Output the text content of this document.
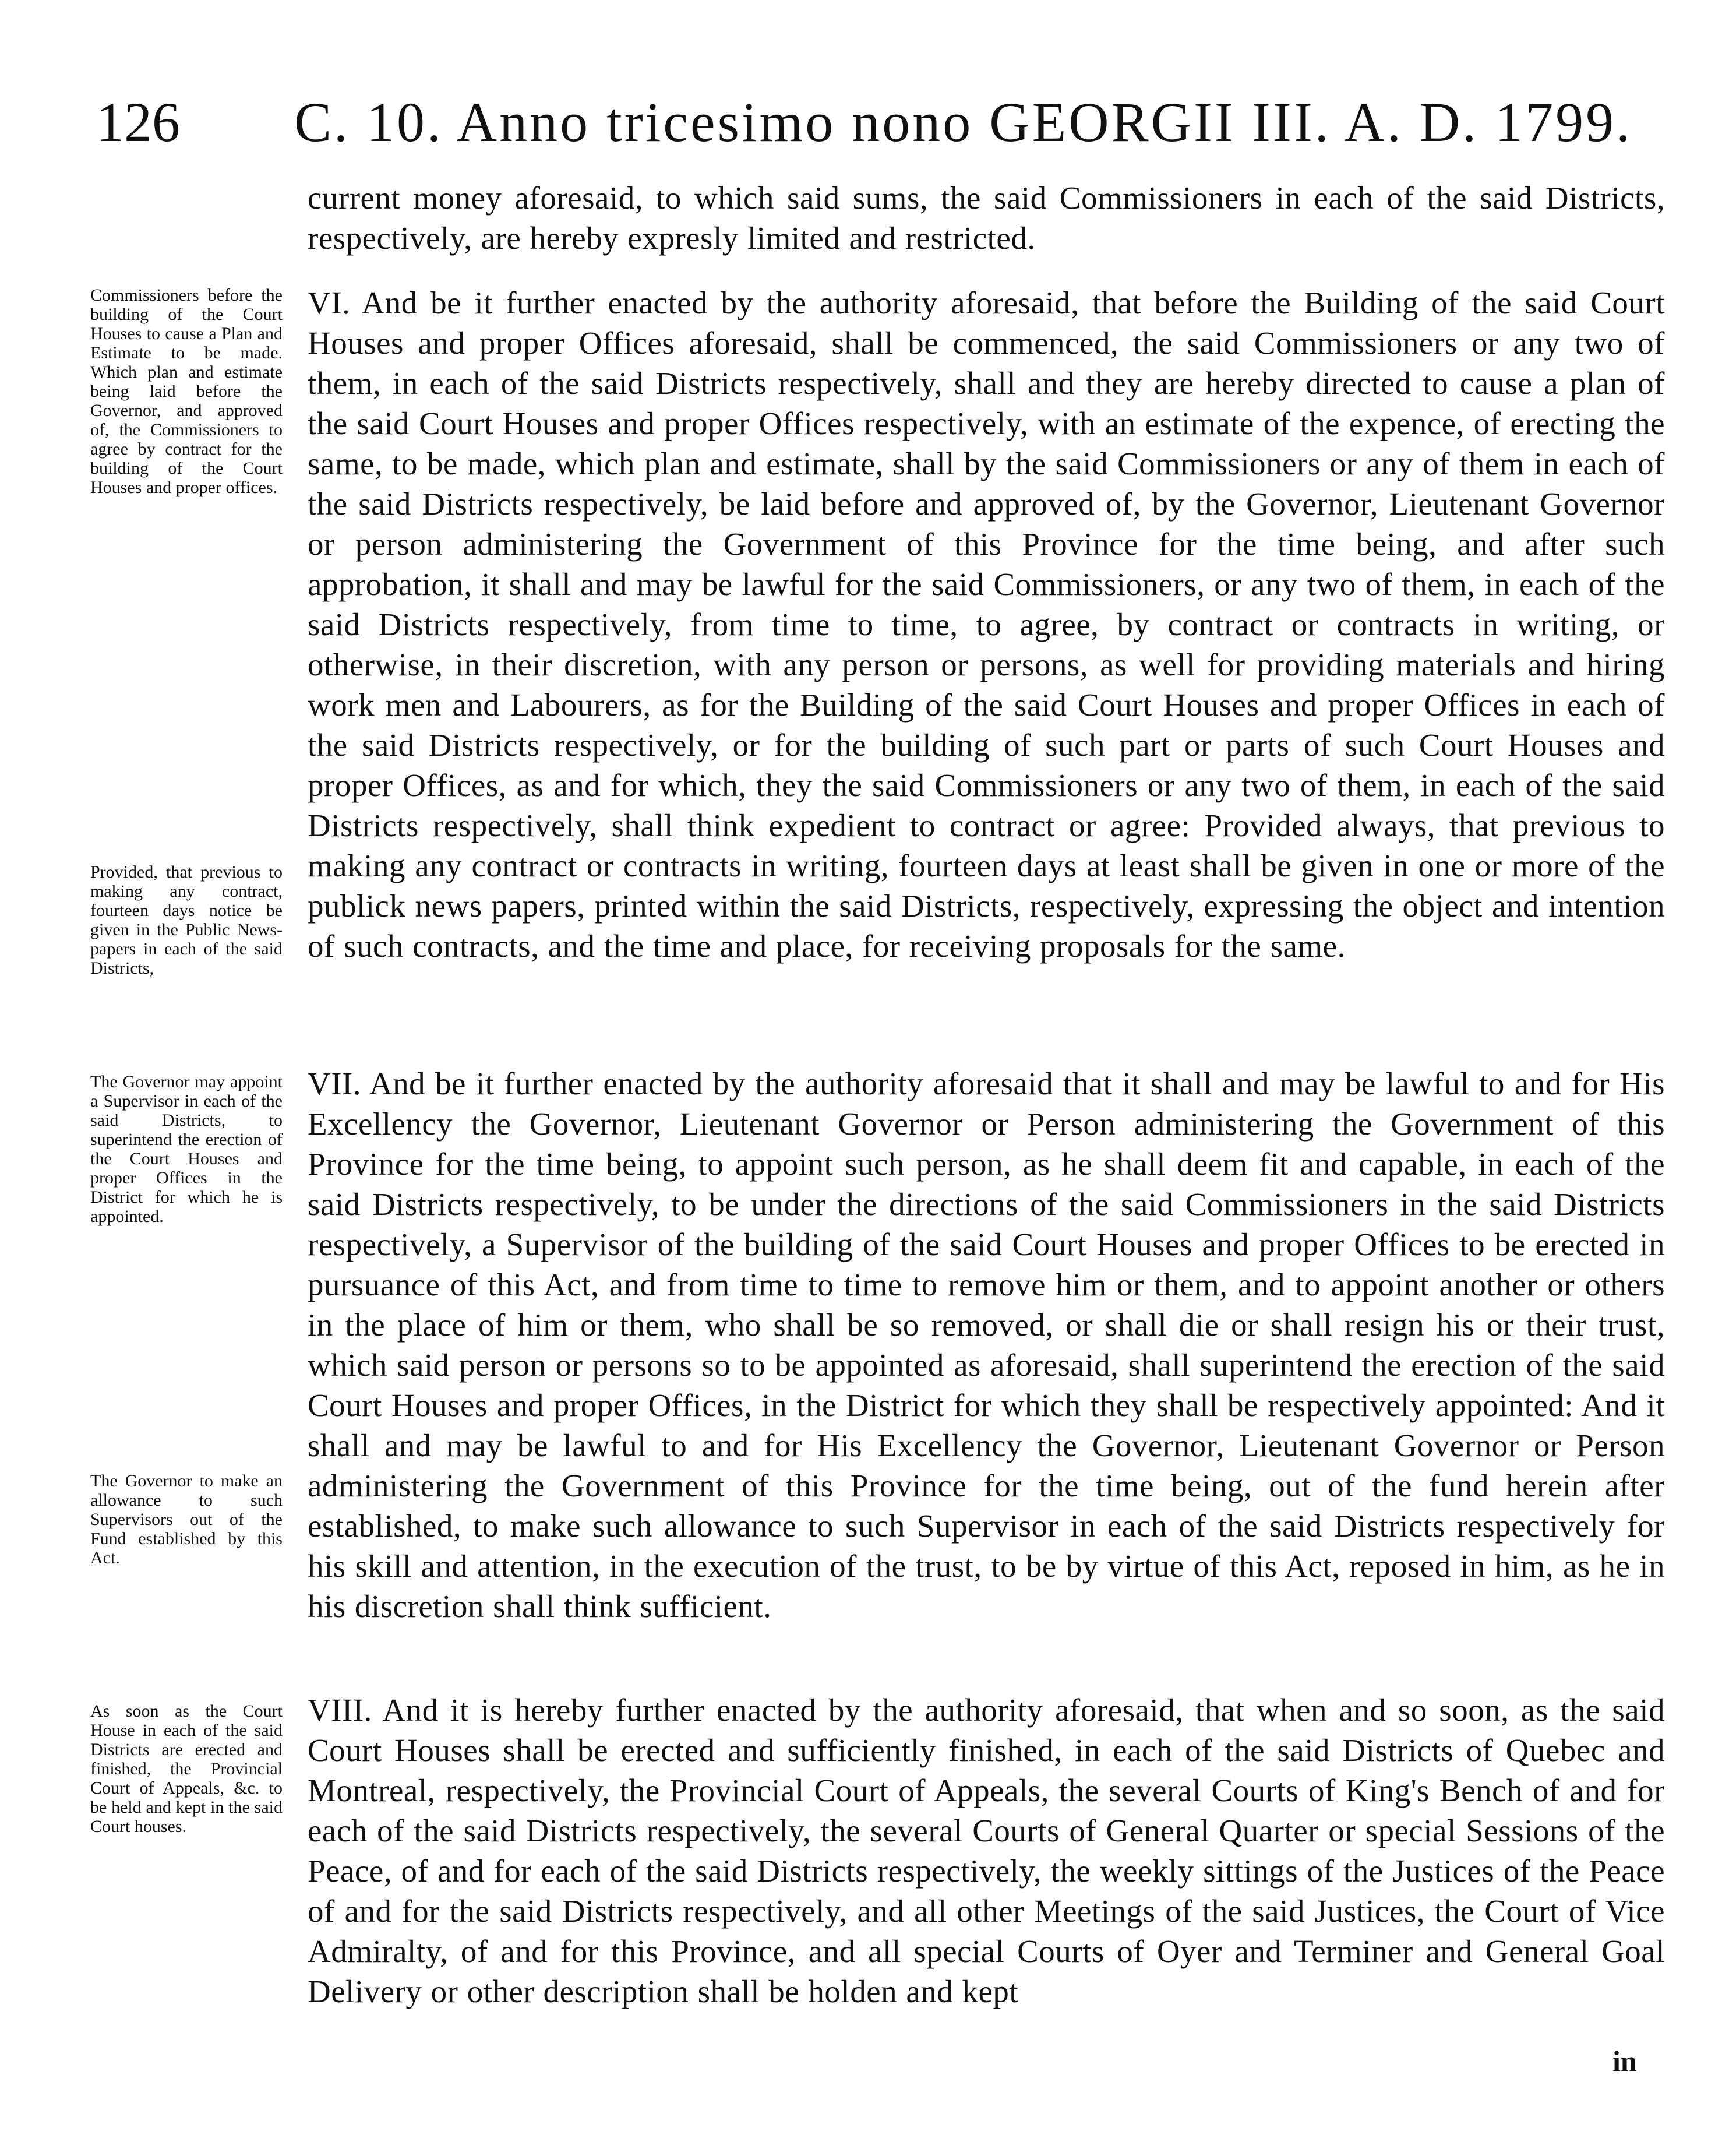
126 C. 10. Anno tricesimo nono GEORGII III. A. D. 1799.

current money aforesaid, to which said sums, the said Commissioners in each of the said Districts, respectively, are hereby expresly limited and restricted.

VI. And be it further enacted by the authority aforesaid, that before the Building of the said Court Houses and proper Offices aforesaid, shall be commenced, the said Commissioners or any two of them, in each of the said Districts respectively, shall and they are hereby directed to cause a plan of the said Court Houses and proper Offices respectively, with an estimate of the expence, of erecting the same, to be made, which plan and estimate, shall by the said Commissioners or any of them in each of the said Districts respectively, be laid before and approved of, by the Governor, Lieutenant Governor or person administering the Government of this Province for the time being, and after such approbation, it shall and may be lawful for the said Commissioners, or any two of them, in each of the said Districts respectively, from time to time, to agree, by contract or contracts in writing, or otherwise, in their discretion, with any person or persons, as well for providing materials and hiring work men and Labourers, as for the Building of the said Court Houses and proper Offices in each of the said Districts respectively, or for the building of such part or parts of such Court Houses and proper Offices, as and for which, they the said Commissioners or any two of them, in each of the said Districts respectively, shall think expedient to contract or agree: Provided always, that previous to making any contract or contracts in writing, fourteen days at least shall be given in one or more of the publick news papers, printed within the said Districts, respectively, expressing the object and intention of such contracts, and the time and place, for receiving proposals for the same.

VII. And be it further enacted by the authority aforesaid that it shall and may be lawful to and for His Excellency the Governor, Lieutenant Governor or Person administering the Government of this Province for the time being, to appoint such person, as he shall deem fit and capable, in each of the said Districts respectively, to be under the directions of the said Commissioners in the said Districts respectively, a Supervisor of the building of the said Court Houses and proper Offices to be erected in pursuance of this Act, and from time to time to remove him or them, and to appoint another or others in the place of him or them, who shall be so removed, or shall die or shall resign his or their trust, which said person or persons so to be appointed as aforesaid, shall superintend the erection of the said Court Houses and proper Offices, in the District for which they shall be respectively appointed: And it shall and may be lawful to and for His Excellency the Governor, Lieutenant Governor or Person administering the Government of this Province for the time being, out of the fund herein after established, to make such allowance to such Supervisor in each of the said Districts respectively for his skill and attention, in the execution of the trust, to be by virtue of this Act, reposed in him, as he in his discretion shall think sufficient.

VIII. And it is hereby further enacted by the authority aforesaid, that when and so soon, as the said Court Houses shall be erected and sufficiently finished, in each of the said Districts of Quebec and Montreal, respectively, the Provincial Court of Appeals, the several Courts of King's Bench of and for each of the said Districts respectively, the several Courts of General Quarter or special Sessions of the Peace, of and for each of the said Districts respectively, the weekly sittings of the Justices of the Peace of and for the said Districts respectively, and all other Meetings of the said Justices, the Court of Vice Admiralty, of and for this Province, and all special Courts of Oyer and Terminer and General Goal Delivery or other description shall be holden and kept

in

Commissioners before the building of the Court Houses to cause a Plan and Estimate to be made. Which plan and estimate being laid before the Governor, and approved of, the Commissioners to agree by contract for the building of the Court Houses and proper offices.

Provided, that previous to making any contract, fourteen days notice be given in the Public News-papers in each of the said Districts,

The Governor may appoint a Supervisor in each of the said Districts, to superintend the erection of the Court Houses and proper Offices in the District for which he is appointed.

The Governor to make an allowance to such Supervisors out of the Fund established by this Act.

As soon as the Court House in each of the said Districts are erected and finished, the Provincial Court of Appeals, &c. to be held and kept in the said Court houses.
